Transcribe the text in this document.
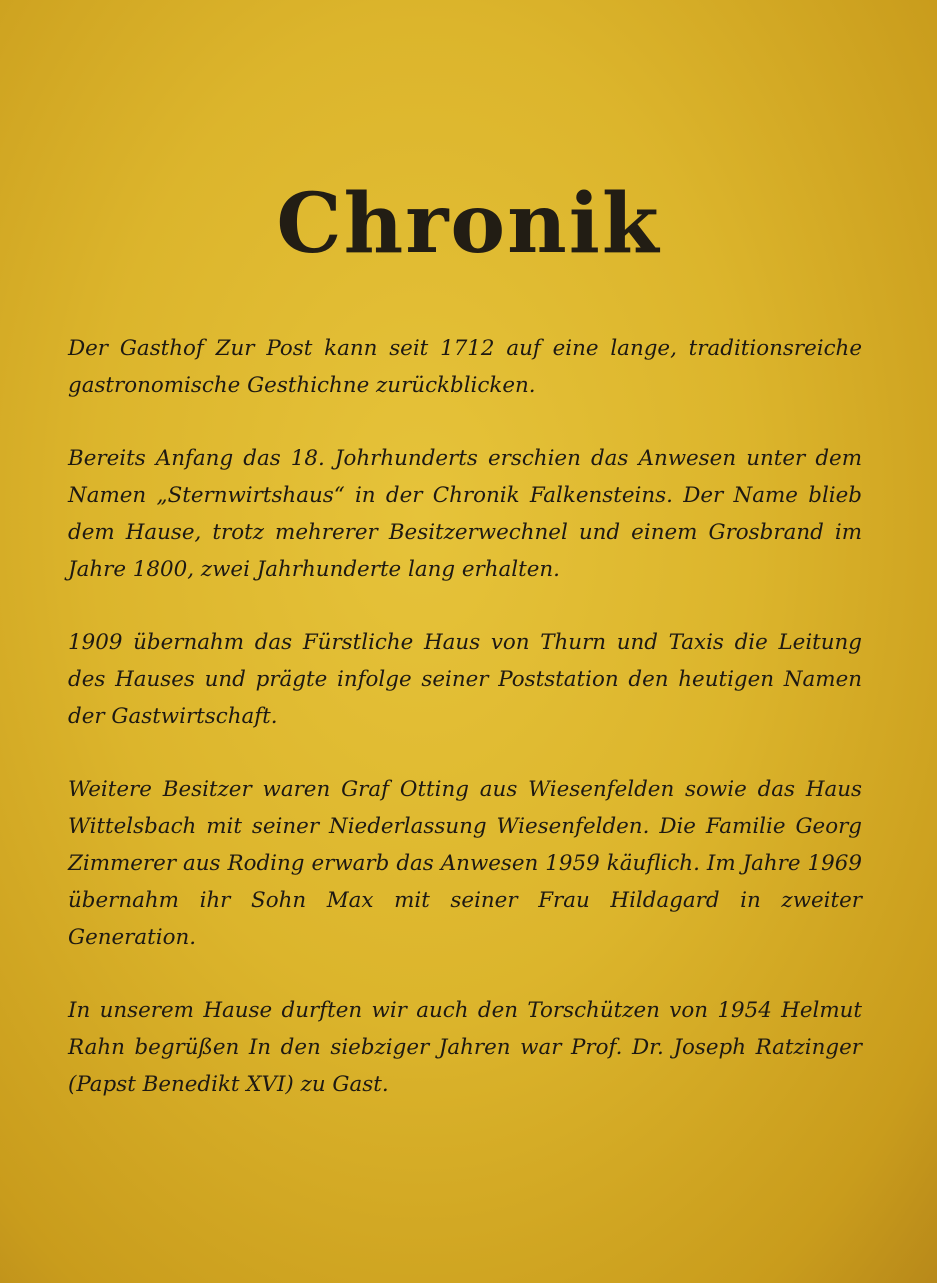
Chronik

Der Gasthof Zur Post kann seit 1712 auf eine lange, traditionsreiche gastronomische Gesthichne zurückblicken.

Bereits Anfang das 18. Johrhunderts erschien das Anwesen unter dem Namen „Sternwirtshaus“ in der Chronik Falkensteins. Der Name blieb dem Hause, trotz mehrerer Besitzerwechnel und einem Grosbrand im Jahre 1800, zwei Jahrhunderte lang erhalten.

1909 übernahm das Fürstliche Haus von Thurn und Taxis die Leitung des Hauses und prägte infolge seiner Poststation den heutigen Namen der Gastwirtschaft.

Weitere Besitzer waren Graf Otting aus Wiesenfelden sowie das Haus Wittelsbach mit seiner Niederlassung Wiesenfelden. Die Familie Georg Zimmerer aus Roding erwarb das Anwesen 1959 käuflich. Im Jahre 1969 übernahm ihr Sohn Max mit seiner Frau Hildagard in zweiter Generation.

In unserem Hause durften wir auch den Torschützen von 1954 Helmut Rahn begrüßen In den siebziger Jahren war Prof. Dr. Joseph Ratzinger (Papst Benedikt XVI) zu Gast.
